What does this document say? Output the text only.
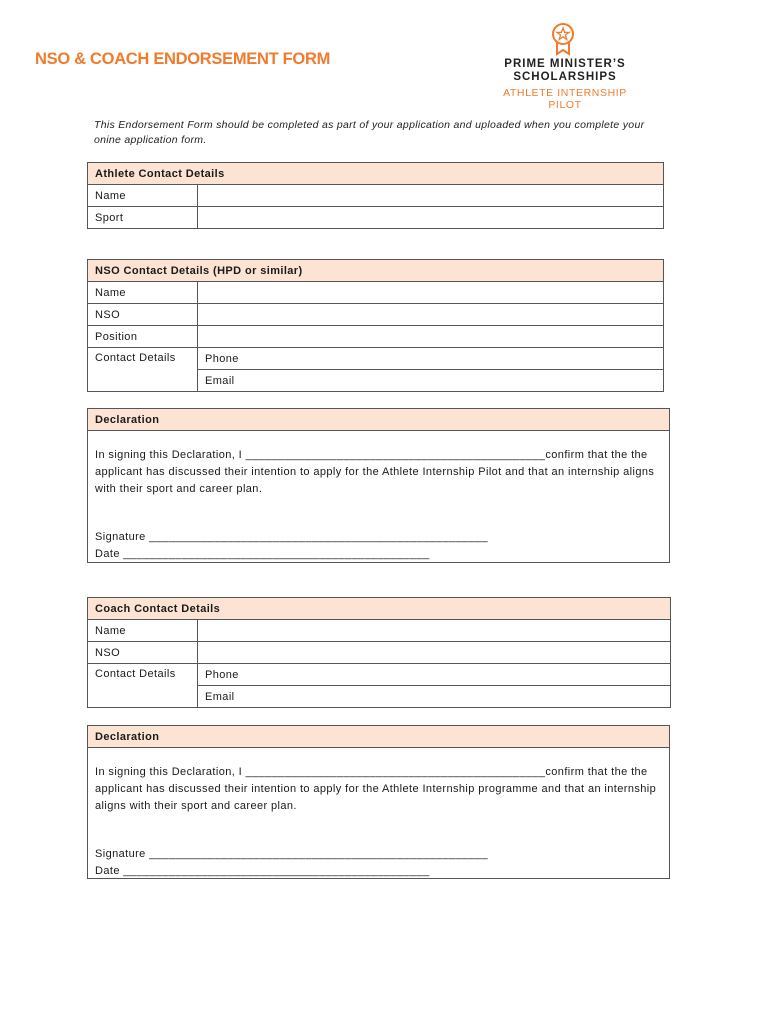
NSO & COACH ENDORSEMENT FORM	PRIME MINISTER’S
SCHOLARSHIPS
ATHLETE INTERNSHIP
PILOT
This Endorsement Form should be completed as part of your application and uploaded when you complete your onine application form.
Athlete Contact Details	
Name	
Sport	
NSO Contact Details (HPD or similar)	
Name	
NSO	
Position	
Contact Details	Phone
	Email
Declaration
In signing this Declaration, I ______________________________________________confirm that the the applicant has discussed their intention to apply for the Athlete Internship Pilot and that an internship aligns with their sport and career plan.
Signature ____________________________________________________
Date _______________________________________________
Coach Contact Details	
Name	
NSO	
Contact Details	Phone
	Email
Declaration
In signing this Declaration, I ______________________________________________confirm that the the applicant has discussed their intention to apply for the Athlete Internship programme and that an internship aligns with their sport and career plan.
Signature ____________________________________________________
Date _______________________________________________
